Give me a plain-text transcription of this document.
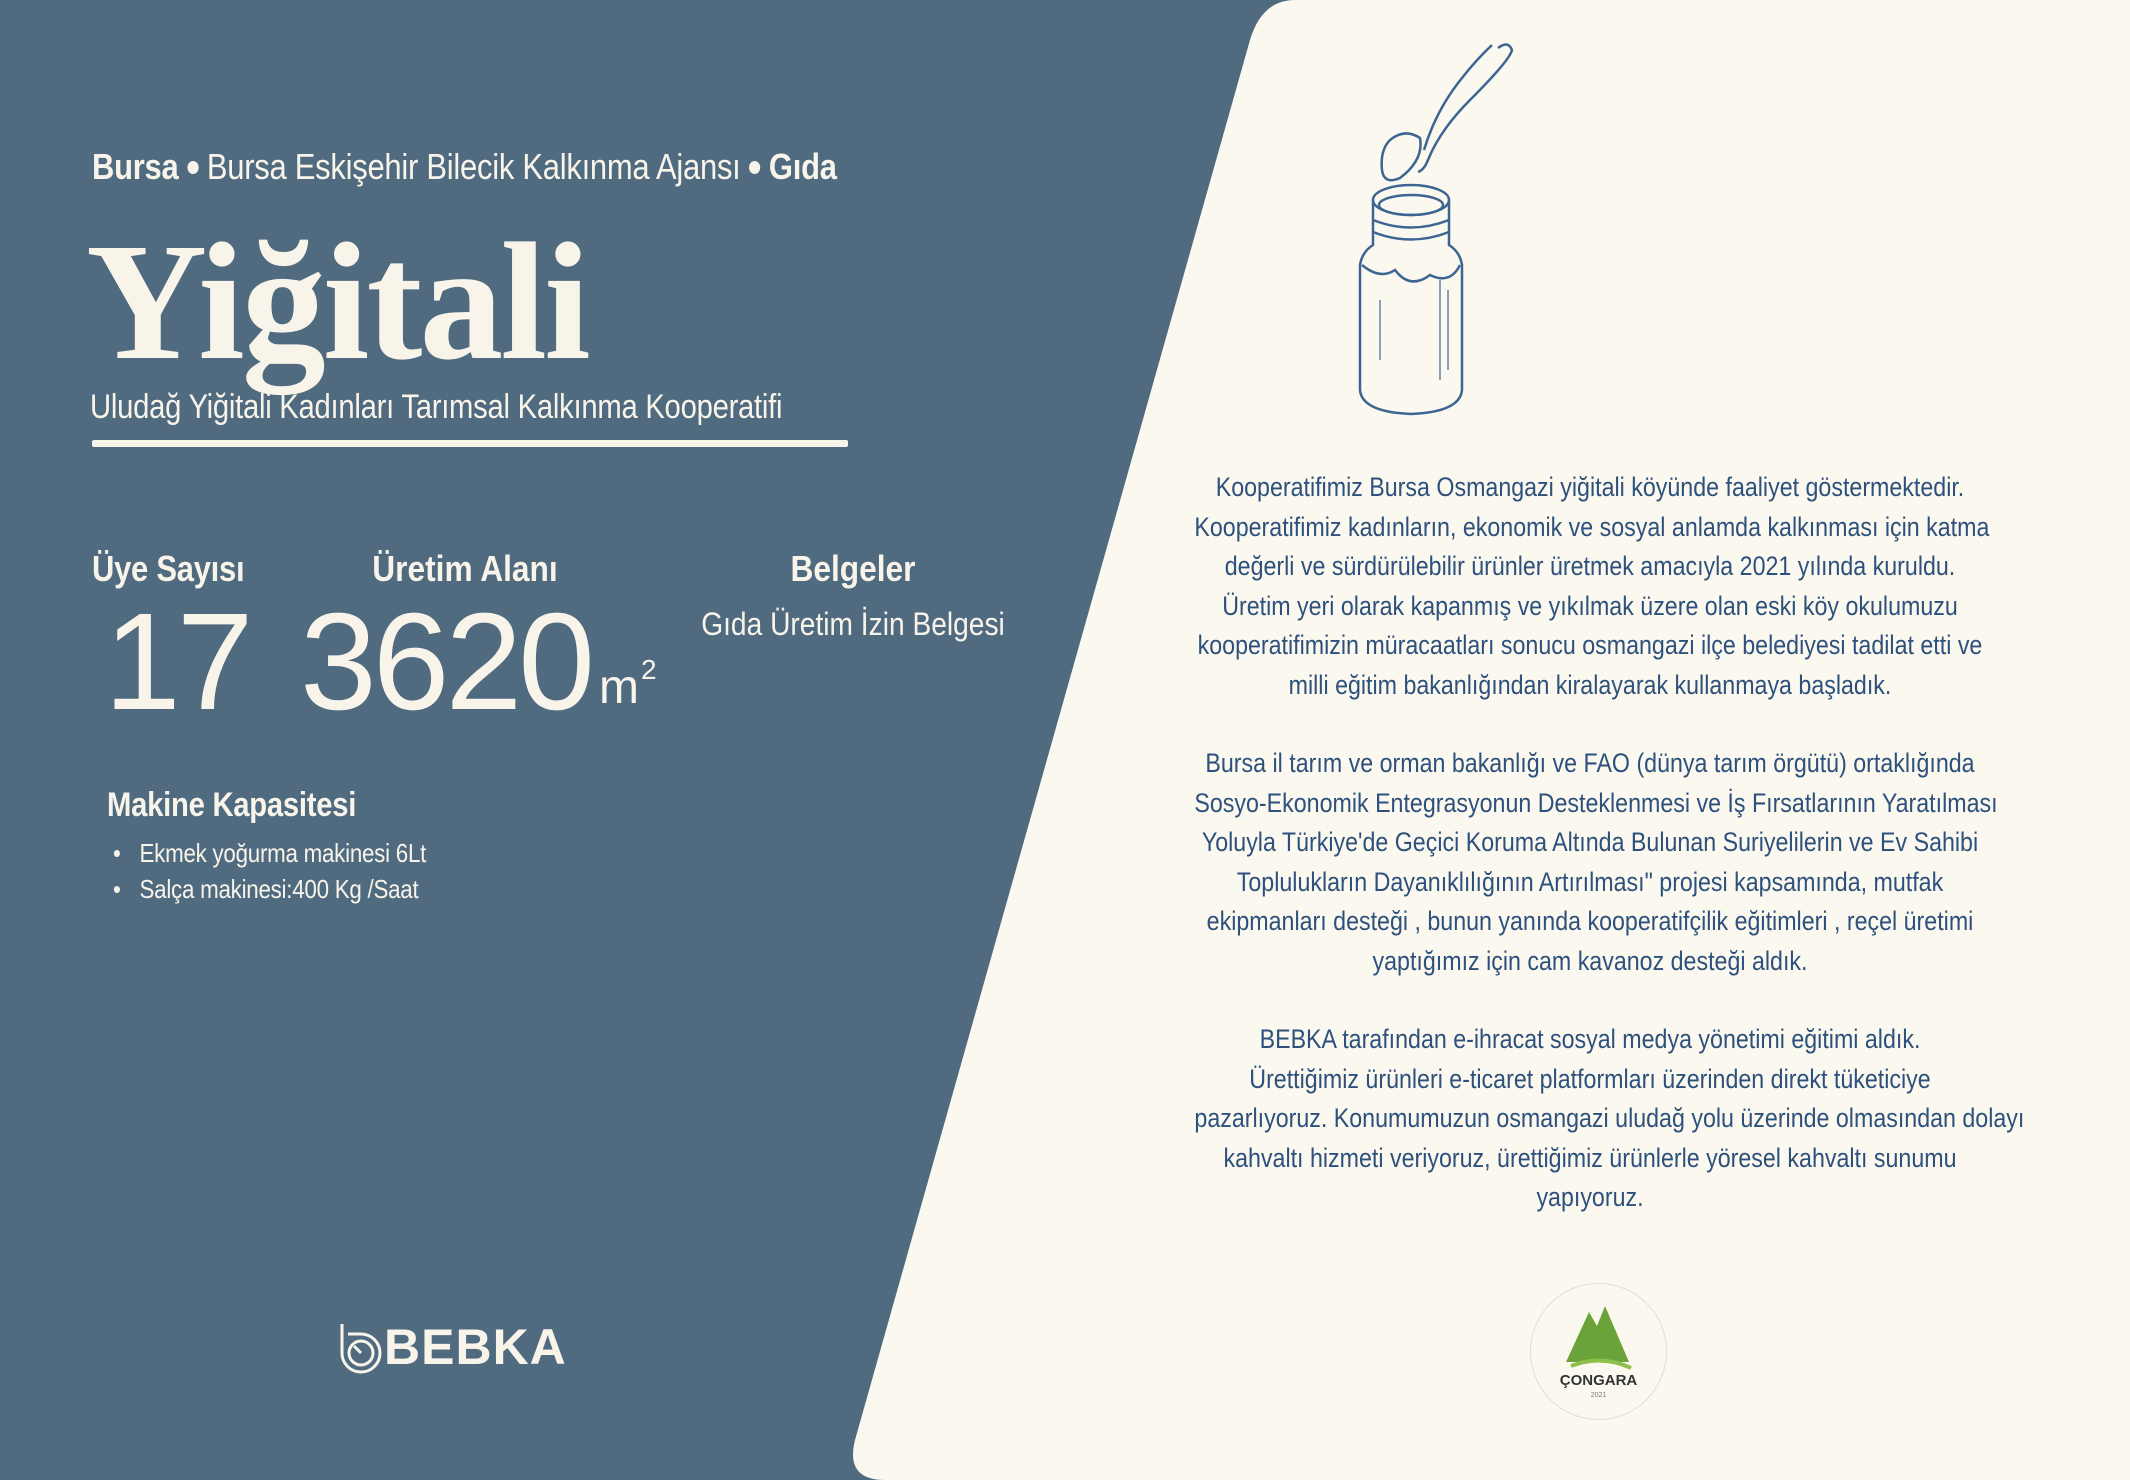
Bursa Bursa Eskişehir Bilecik Kalkınma Ajansı Gıda
Yiğitali
Uludağ Yiğitali Kadınları Tarımsal Kalkınma Kooperatifi
Üye Sayısı	Üretim Alanı	Belgeler
17 3620 $m^2$
Gıda Üretim İzin Belgesi
Makine Kapasitesi
• Ekmek yoğurma makinesi 6Lt
• Salça makinesi:400 Kg /Saat
BEBKA
Kooperatifimiz Bursa Osmangazi yiğitali köyünde faaliyet göstermektedir.
Kooperatifimiz kadınların, ekonomik ve sosyal anlamda kalkınması için katma
değerli ve sürdürülebilir ürünler üretmek amacıyla 2021 yılında kuruldu.
Üretim yeri olarak kapanmış ve yıkılmak üzere olan eski köy okulumuzu
kooperatifimizin müracaatları sonucu osmangazi ilçe belediyesi tadilat etti ve
milli eğitim bakanlığından kiralayarak kullanmaya başladık.
Bursa il tarım ve orman bakanlığı ve FAO (dünya tarım örgütü) ortaklığında
Sosyo-Ekonomik Entegrasyonun Desteklenmesi ve İş Fırsatlarının Yaratılması
Yoluyla Türkiye'de Geçici Koruma Altında Bulunan Suriyelilerin ve Ev Sahibi
Toplulukların Dayanıklılığının Artırılması" projesi kapsamında, mutfak
ekipmanları desteği , bunun yanında kooperatifçilik eğitimleri , reçel üretimi
yaptığımız için cam kavanoz desteği aldık.
BEBKA tarafından e-ihracat sosyal medya yönetimi eğitimi aldık.
Ürettiğimiz ürünleri e-ticaret platformları üzerinden direkt tüketiciye
pazarlıyoruz. Konumumuzun osmangazi uludağ yolu üzerinde olmasından dolayı
kahvaltı hizmeti veriyoruz, ürettiğimiz ürünlerle yöresel kahvaltı sunumu
yapıyoruz.
ÇONGARA
2021
